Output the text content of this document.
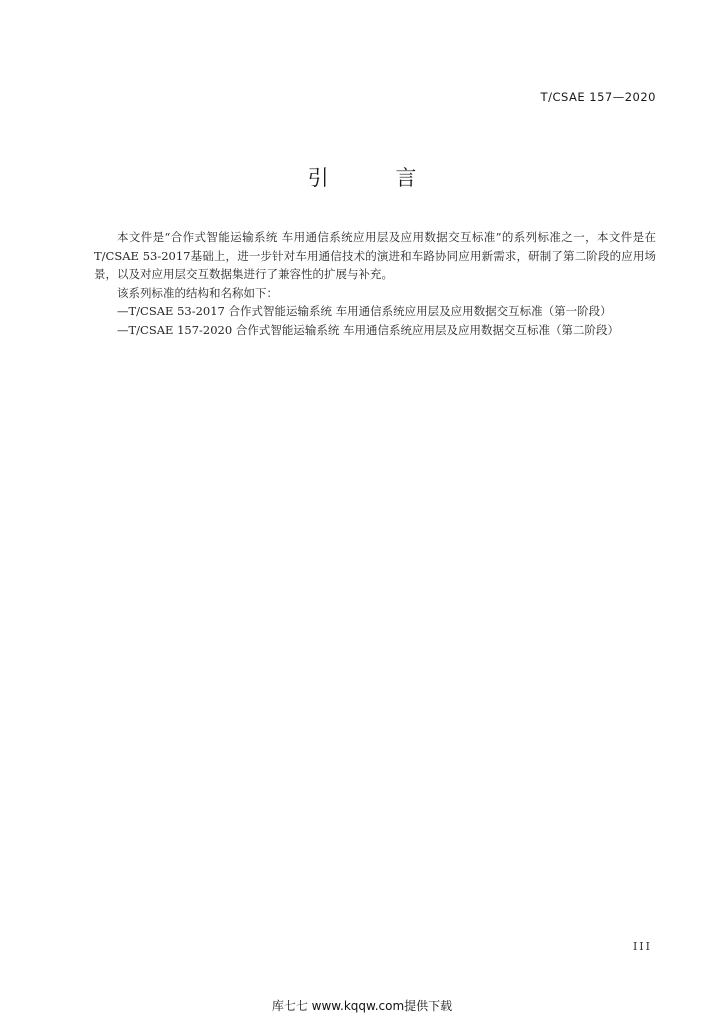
T/CSAE 157—2020
引 言

本文件是“合作式智能运输系统 车用通信系统应用层及应用数据交互标准”的系列标准之一，本文件是在T/CSAE 53-2017基础上，进一步针对车用通信技术的演进和车路协同应用新需求，研制了第二阶段的应用场景，以及对应用层交互数据集进行了兼容性的扩展与补充。

该系列标准的结构和名称如下：

—T/CSAE 53-2017 合作式智能运输系统 车用通信系统应用层及应用数据交互标准（第一阶段）
—T/CSAE 157-2020 合作式智能运输系统 车用通信系统应用层及应用数据交互标准（第二阶段）
III
库七七 www.kqqw.com提供下载
